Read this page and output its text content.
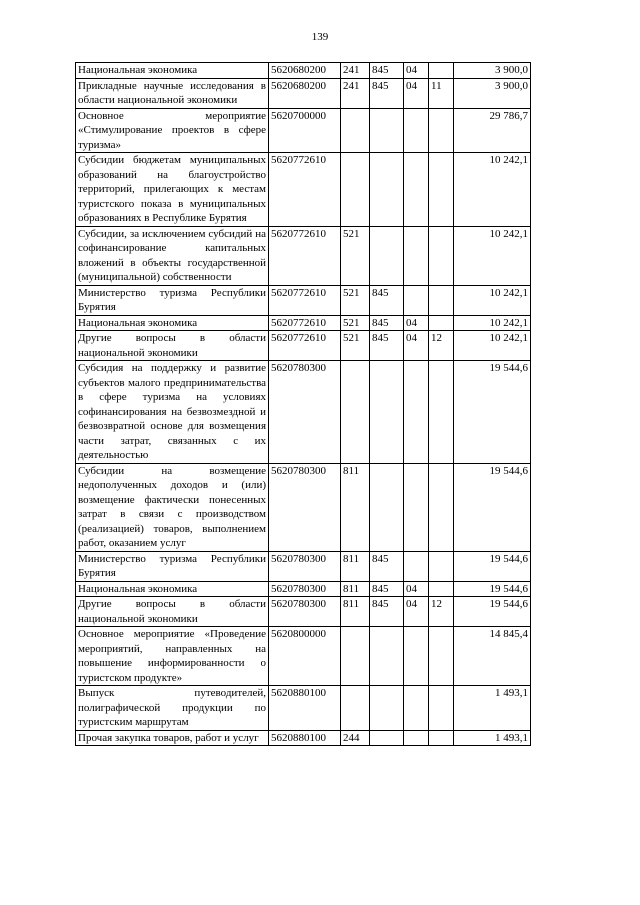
139
Национальная экономика	5620680200	241	845	04		3 900,0
Прикладные научные исследования в области национальной экономики	5620680200	241	845	04	11	3 900,0
Основное мероприятие «Стимулирование проектов в сфере туризма»	5620700000					29 786,7
Субсидии бюджетам муниципальных образований на благоустройство территорий, прилегающих к местам туристского показа в муниципальных образованиях в Республике Бурятия	5620772610					10 242,1
Субсидии, за исключением субсидий на софинансирование капитальных вложений в объекты государственной (муниципальной) собственности	5620772610	521				10 242,1
Министерство туризма Республики Бурятия	5620772610	521	845			10 242,1
Национальная экономика	5620772610	521	845	04		10 242,1
Другие вопросы в области национальной экономики	5620772610	521	845	04	12	10 242,1
Субсидия на поддержку и развитие субъектов малого предпринимательства в сфере туризма на условиях софинансирования на безвозмездной и безвозвратной основе для возмещения части затрат, связанных с их деятельностью	5620780300					19 544,6
Субсидии на возмещение недополученных доходов и (или) возмещение фактически понесенных затрат в связи с производством (реализацией) товаров, выполнением работ, оказанием услуг	5620780300	811				19 544,6
Министерство туризма Республики Бурятия	5620780300	811	845			19 544,6
Национальная экономика	5620780300	811	845	04		19 544,6
Другие вопросы в области национальной экономики	5620780300	811	845	04	12	19 544,6
Основное мероприятие «Проведение мероприятий, направленных на повышение информированности о туристском продукте»	5620800000					14 845,4
Выпуск путеводителей, полиграфической продукции по туристским маршрутам	5620880100					1 493,1
Прочая закупка товаров, работ и услуг	5620880100	244				1 493,1
